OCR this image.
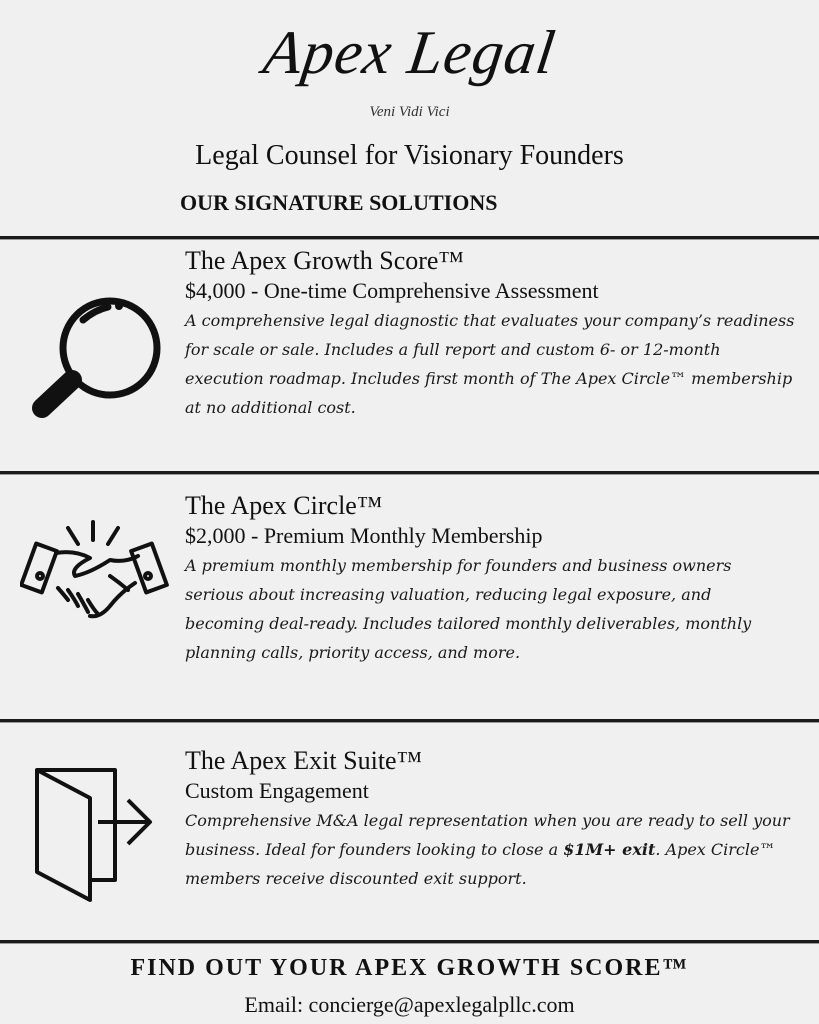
Apex Legal
Veni Vidi Vici
Legal Counsel for Visionary Founders
OUR SIGNATURE SOLUTIONS
The Apex Growth Score™
$4,000 - One-time Comprehensive Assessment
A comprehensive legal diagnostic that evaluates your company’s readiness for scale or sale. Includes a full report and custom 6- or 12-month execution roadmap. Includes first month of The Apex Circle™ membership at no additional cost.
The Apex Circle™
$2,000 - Premium Monthly Membership
A premium monthly membership for founders and business owners serious about increasing valuation, reducing legal exposure, and becoming deal-ready. Includes tailored monthly deliverables, monthly planning calls, priority access, and more.
The Apex Exit Suite™
Custom Engagement
Comprehensive M&A legal representation when you are ready to sell your business. Ideal for founders looking to close a $1M+ exit. Apex Circle™ members receive discounted exit support.
FIND OUT YOUR APEX GROWTH SCORE™
Email: concierge@apexlegalpllc.com
